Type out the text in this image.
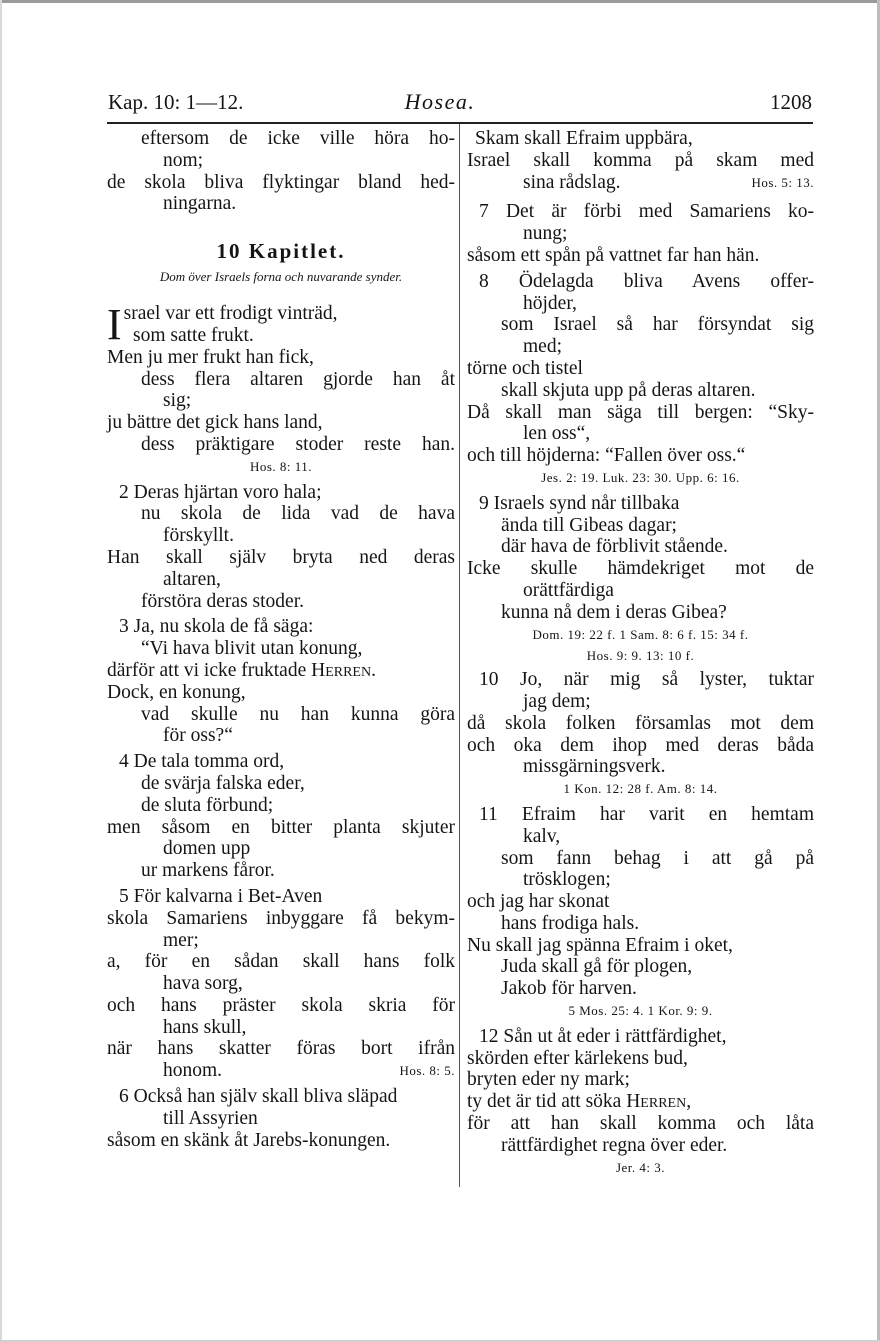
Hosea.
Kap. 10: 1—12.	1208
eftersom de icke ville höra ho-
nom;
de skola bliva flyktingar bland hed-
ningarna.
10 Kapitlet.
Dom över Israels forna och nuvarande synder.
I srael var ett frodigt vinträd,
som satte frukt.
Men ju mer frukt han fick,
dess flera altaren gjorde han åt
sig;
ju bättre det gick hans land,
dess präktigare stoder reste han.
Hos. 8: 11.
2 Deras hjärtan voro hala;
nu skola de lida vad de hava
förskyllt.
Han skall själv bryta ned deras
altaren,
förstöra deras stoder.
3 Ja, nu skola de få säga:
“Vi hava blivit utan konung,
därför att vi icke fruktade Herren.
Dock, en konung,
vad skulle nu han kunna göra
för oss?“
4 De tala tomma ord,
de svärja falska eder,
de sluta förbund;
men såsom en bitter planta skjuter
domen upp
ur markens fåror.
5 För kalvarna i Bet-Aven
skola Samariens inbyggare få bekym-
mer;
a, för en sådan skall hans folk
hava sorg,
och hans präster skola skria för
hans skull,
när hans skatter föras bort ifrån
honom.	Hos. 8: 5.
6 Också han själv skall bliva släpad
till Assyrien
såsom en skänk åt Jarebs-konungen.
Skam skall Efraim uppbära,
Israel skall komma på skam med
sina rådslag.	Hos. 5: 13.
7 Det är förbi med Samariens ko-
nung;
såsom ett spån på vattnet far han hän.
8 Ödelagda bliva Avens offer-
höjder,
som Israel så har försyndat sig
med;
törne och tistel
skall skjuta upp på deras altaren.
Då skall man säga till bergen: “Sky-
len oss“,
och till höjderna: “Fallen över oss.“
Jes. 2: 19. Luk. 23: 30. Upp. 6: 16.
9 Israels synd når tillbaka
ända till Gibeas dagar;
där hava de förblivit stående.
Icke skulle hämdekriget mot de
orättfärdiga
kunna nå dem i deras Gibea?
Dom. 19: 22 f. 1 Sam. 8: 6 f. 15: 34 f.
Hos. 9: 9. 13: 10 f.
10 Jo, när mig så lyster, tuktar
jag dem;
då skola folken församlas mot dem
och oka dem ihop med deras båda
missgärningsverk.
1 Kon. 12: 28 f. Am. 8: 14.
11 Efraim har varit en hemtam
kalv,
som fann behag i att gå på
trösklogen;
och jag har skonat
hans frodiga hals.
Nu skall jag spänna Efraim i oket,
Juda skall gå för plogen,
Jakob för harven.
5 Mos. 25: 4. 1 Kor. 9: 9.
12 Sån ut åt eder i rättfärdighet,
skörden efter kärlekens bud,
bryten eder ny mark;
ty det är tid att söka Herren,
för att han skall komma och låta
rättfärdighet regna över eder.
Jer. 4: 3.
